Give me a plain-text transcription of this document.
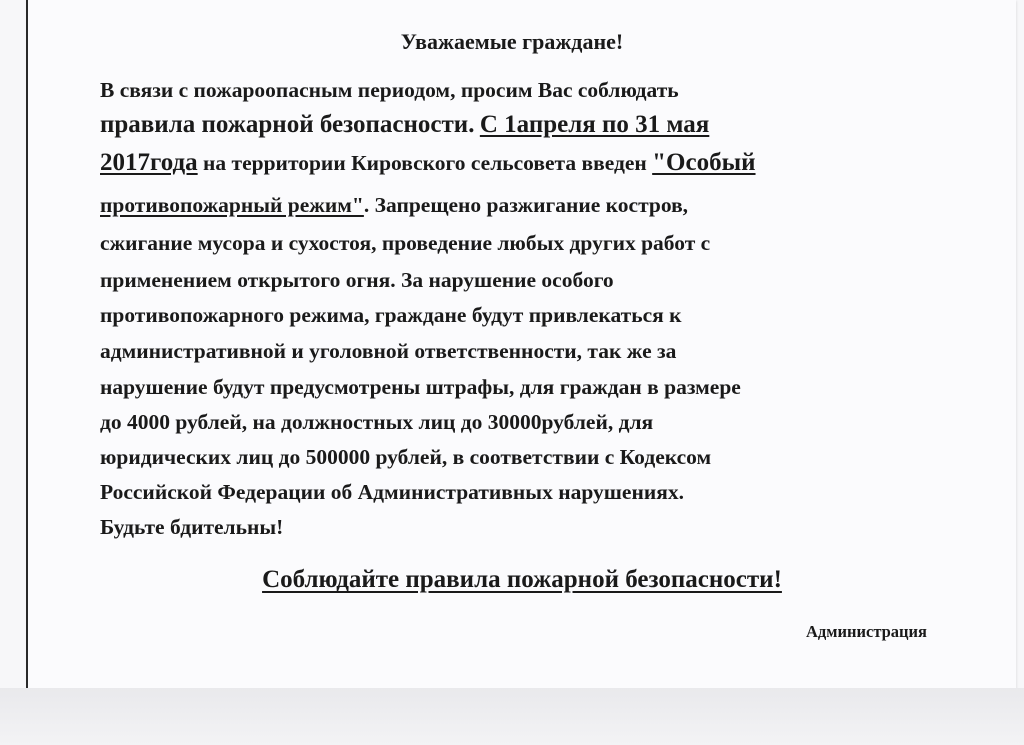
Уважаемые граждане!
В связи с пожароопасным периодом, просим Вас соблюдать
правила пожарной безопасности. С 1апреля по 31 мая
2017года на территории Кировского сельсовета введен "Особый
противопожарный режим". Запрещено разжигание костров,
сжигание мусора и сухостоя, проведение любых других работ с
применением открытого огня. За нарушение особого
противопожарного режима, граждане будут привлекаться к
административной и уголовной ответственности, так же за
нарушение будут предусмотрены штрафы, для граждан в размере
до 4000 рублей, на должностных лиц до 30000рублей, для
юридических лиц до 500000 рублей, в соответствии с Кодексом
Российской Федерации об Административных нарушениях.
Будьте бдительны!
Соблюдайте правила пожарной безопасности!
Администрация
